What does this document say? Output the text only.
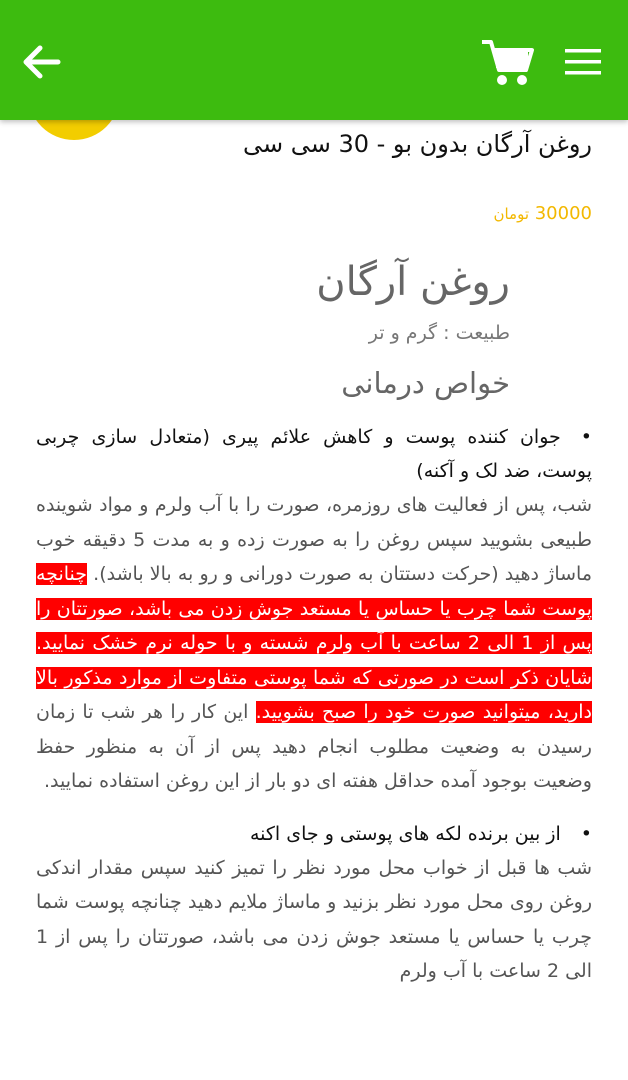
روغن آرگان بدون بو - 30 سی سی
30000 تومان
روغن آرگان
طبیعت : گرم و تر
خواص درمانی
•جوان کننده پوست و کاهش علائم پیری (متعادل سازی چربی پوست، ضد لک و آکنه)
شب، پس از فعالیت های روزمره، صورت را با آب ولرم و مواد شوینده طبیعی بشویید سپس روغن را به صورت زده و به مدت 5 دقیقه خوب ماساژ دهید (حرکت دستتان به صورت دورانی و رو به بالا باشد). چنانچه پوست شما چرب یا حساس یا مستعد جوش زدن می باشد، صورتتان را پس از 1 الی 2 ساعت با آب ولرم شسته و با حوله نرم خشک نمایید. شایان ذکر است در صورتی که شما پوستی متفاوت از موارد مذکور بالا دارید، میتوانید صورت خود را صبح بشویید. این کار را هر شب تا زمان رسیدن به وضعیت مطلوب انجام دهید پس از آن به منظور حفظ وضعیت بوجود آمده حداقل هفته ای دو بار از این روغن استفاده نمایید.
•از بین برنده لکه های پوستی و جای اکنه
شب ها قبل از خواب محل مورد نظر را تمیز کنید سپس مقدار اندکی روغن روی محل مورد نظر بزنید و ماساژ ملایم دهید چنانچه پوست شما چرب یا حساس یا مستعد جوش زدن می باشد، صورتتان را پس از 1 الی 2 ساعت با آب ولرم
